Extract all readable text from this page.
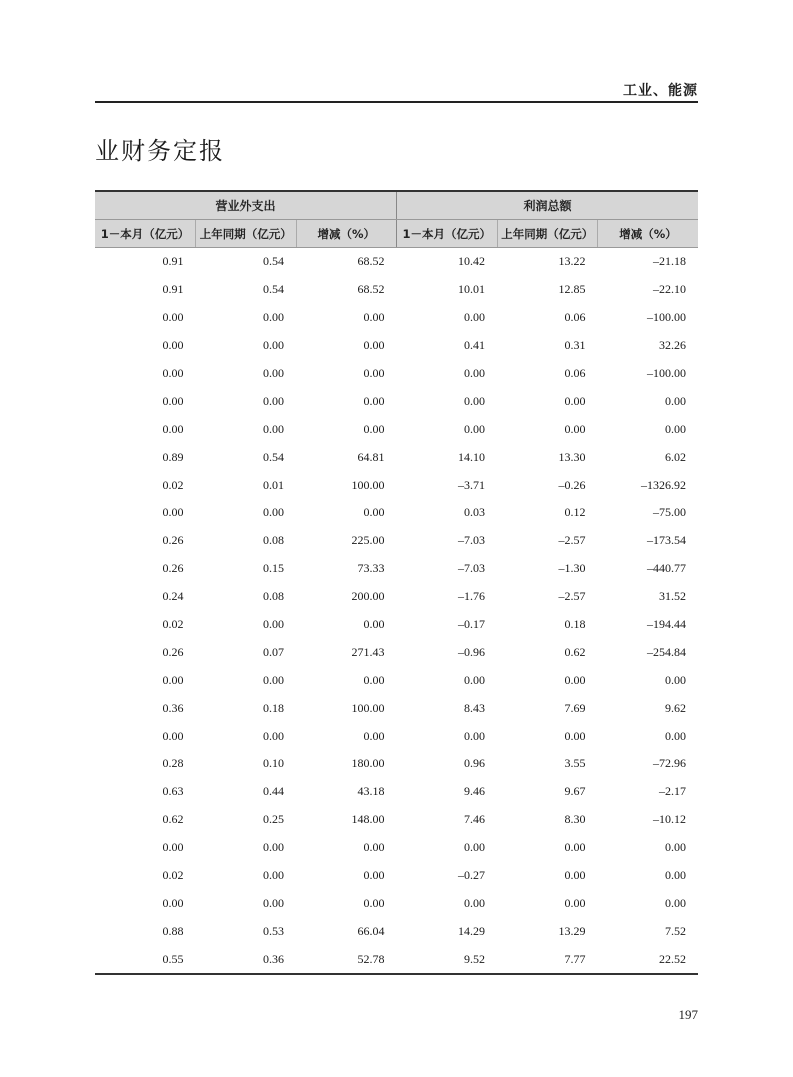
工业、能源
业财务定报
营业外支出			利润总额		
1－本月（亿元）	上年同期（亿元）	增减（%）	1－本月（亿元）	上年同期（亿元）	增减（%）
0.91	0.54	68.52	10.42	13.22	–21.18
0.91	0.54	68.52	10.01	12.85	–22.10
0.00	0.00	0.00	0.00	0.06	–100.00
0.00	0.00	0.00	0.41	0.31	32.26
0.00	0.00	0.00	0.00	0.06	–100.00
0.00	0.00	0.00	0.00	0.00	0.00
0.00	0.00	0.00	0.00	0.00	0.00
0.89	0.54	64.81	14.10	13.30	6.02
0.02	0.01	100.00	–3.71	–0.26	–1326.92
0.00	0.00	0.00	0.03	0.12	–75.00
0.26	0.08	225.00	–7.03	–2.57	–173.54
0.26	0.15	73.33	–7.03	–1.30	–440.77
0.24	0.08	200.00	–1.76	–2.57	31.52
0.02	0.00	0.00	–0.17	0.18	–194.44
0.26	0.07	271.43	–0.96	0.62	–254.84
0.00	0.00	0.00	0.00	0.00	0.00
0.36	0.18	100.00	8.43	7.69	9.62
0.00	0.00	0.00	0.00	0.00	0.00
0.28	0.10	180.00	0.96	3.55	–72.96
0.63	0.44	43.18	9.46	9.67	–2.17
0.62	0.25	148.00	7.46	8.30	–10.12
0.00	0.00	0.00	0.00	0.00	0.00
0.02	0.00	0.00	–0.27	0.00	0.00
0.00	0.00	0.00	0.00	0.00	0.00
0.88	0.53	66.04	14.29	13.29	7.52
0.55	0.36	52.78	9.52	7.77	22.52
197
